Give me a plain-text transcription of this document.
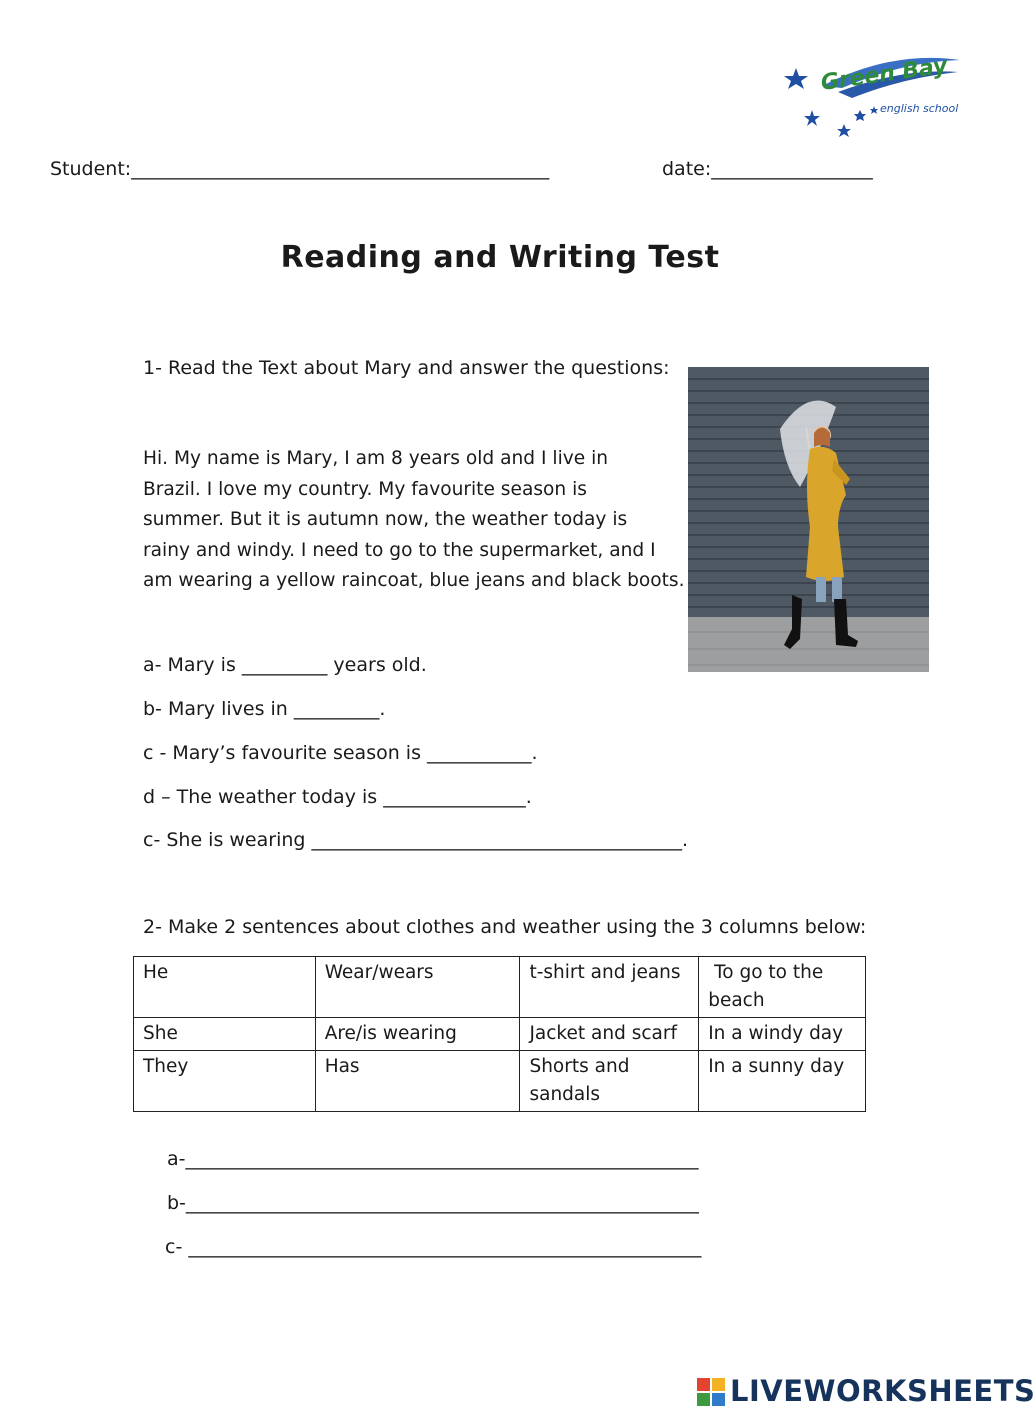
Green Bay
english school
Student:____________________________________________	date:_________________
Reading and Writing Test
1- Read the Text about Mary and answer the questions:
Hi. My name is Mary, I am 8 years old and I live in
Brazil. I love my country. My favourite season is
summer. But it is autumn now, the weather today is
rainy and windy. I need to go to the supermarket, and I
am wearing a yellow raincoat, blue jeans and black boots.
a- Mary is _________ years old.
b- Mary lives in _________.
c - Mary’s favourite season is ___________.
d – The weather today is _______________.
c- She is wearing _______________________________________.
2- Make 2 sentences about clothes and weather using the 3 columns below:
He	Wear/wears	t-shirt and jeans	To go to the beach
She	Are/is wearing	Jacket and scarf	In a windy day
They	Has	Shorts and sandals	In a sunny day
a-______________________________________________________
b-______________________________________________________
c- ______________________________________________________
LIVEWORKSHEETS
